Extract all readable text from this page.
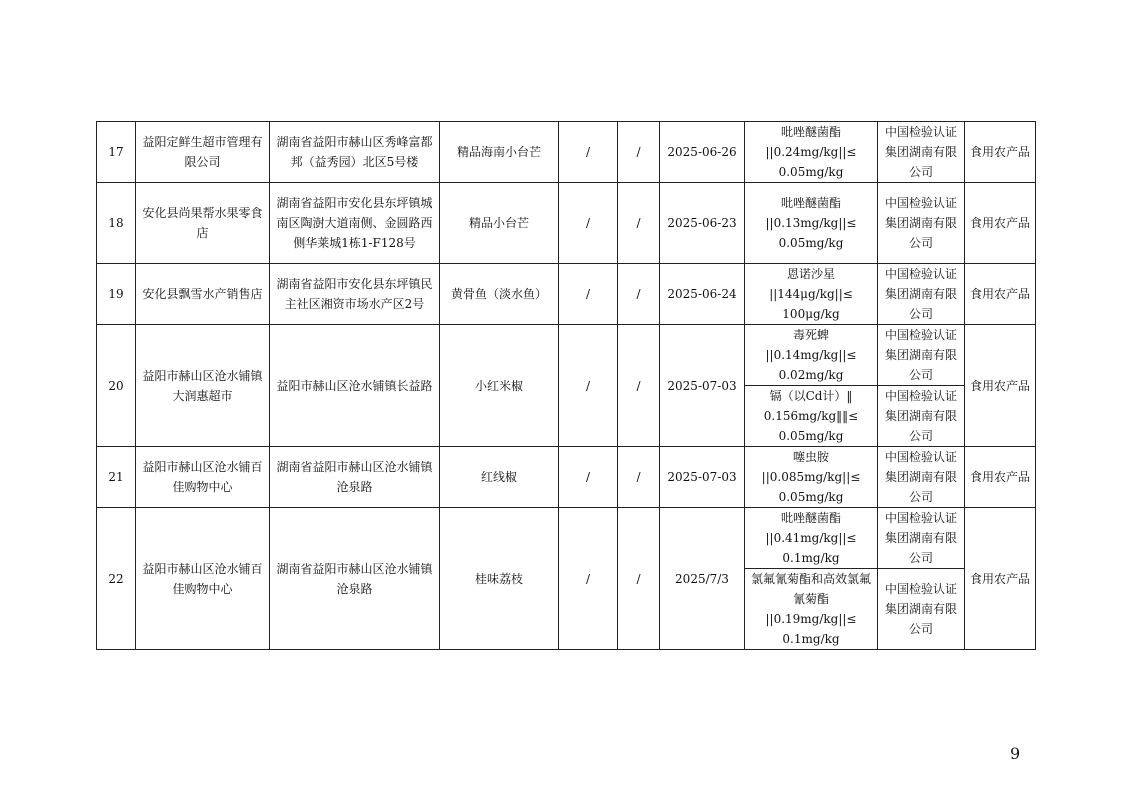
17	益阳定鲜生超市管理有限公司	湖南省益阳市赫山区秀峰富都邦（益秀园）北区5号楼	精品海南小台芒	/	/	2025-06-26	吡唑醚菌酯
||0.24mg/kg||≤
0.05mg/kg	中国检验认证集团湖南有限公司	食用农产品
18	安化县尚果帮水果零食店	湖南省益阳市安化县东坪镇城南区陶澍大道南侧、金圆路西侧华莱城1栋1-F128号	精品小台芒	/	/	2025-06-23	吡唑醚菌酯
||0.13mg/kg||≤
0.05mg/kg	中国检验认证集团湖南有限公司	食用农产品
19	安化县飘雪水产销售店	湖南省益阳市安化县东坪镇民主社区湘资市场水产区2号	黄骨鱼（淡水鱼）	/	/	2025-06-24	恩诺沙星
||144μg/kg||≤
100μg/kg	中国检验认证集团湖南有限公司	食用农产品
20	益阳市赫山区沧水铺镇大润惠超市	益阳市赫山区沧水铺镇长益路	小红米椒	/	/	2025-07-03	毒死蜱
||0.14mg/kg||≤
0.02mg/kg	中国检验认证集团湖南有限公司	食用农产品
							镉（以Cd计）‖
0.156mg/kg‖‖≤
0.05mg/kg	中国检验认证集团湖南有限公司	
21	益阳市赫山区沧水铺百佳购物中心	湖南省益阳市赫山区沧水铺镇沧泉路	红线椒	/	/	2025-07-03	噻虫胺
||0.085mg/kg||≤
0.05mg/kg	中国检验认证集团湖南有限公司	食用农产品
22	益阳市赫山区沧水铺百佳购物中心	湖南省益阳市赫山区沧水铺镇沧泉路	桂味荔枝	/	/	2025/7/3	吡唑醚菌酯
||0.41mg/kg||≤
0.1mg/kg	中国检验认证集团湖南有限公司	食用农产品
							氯氟氰菊酯和高效氯氟氰菊酯
||0.19mg/kg||≤
0.1mg/kg	中国检验认证集团湖南有限公司	
9
